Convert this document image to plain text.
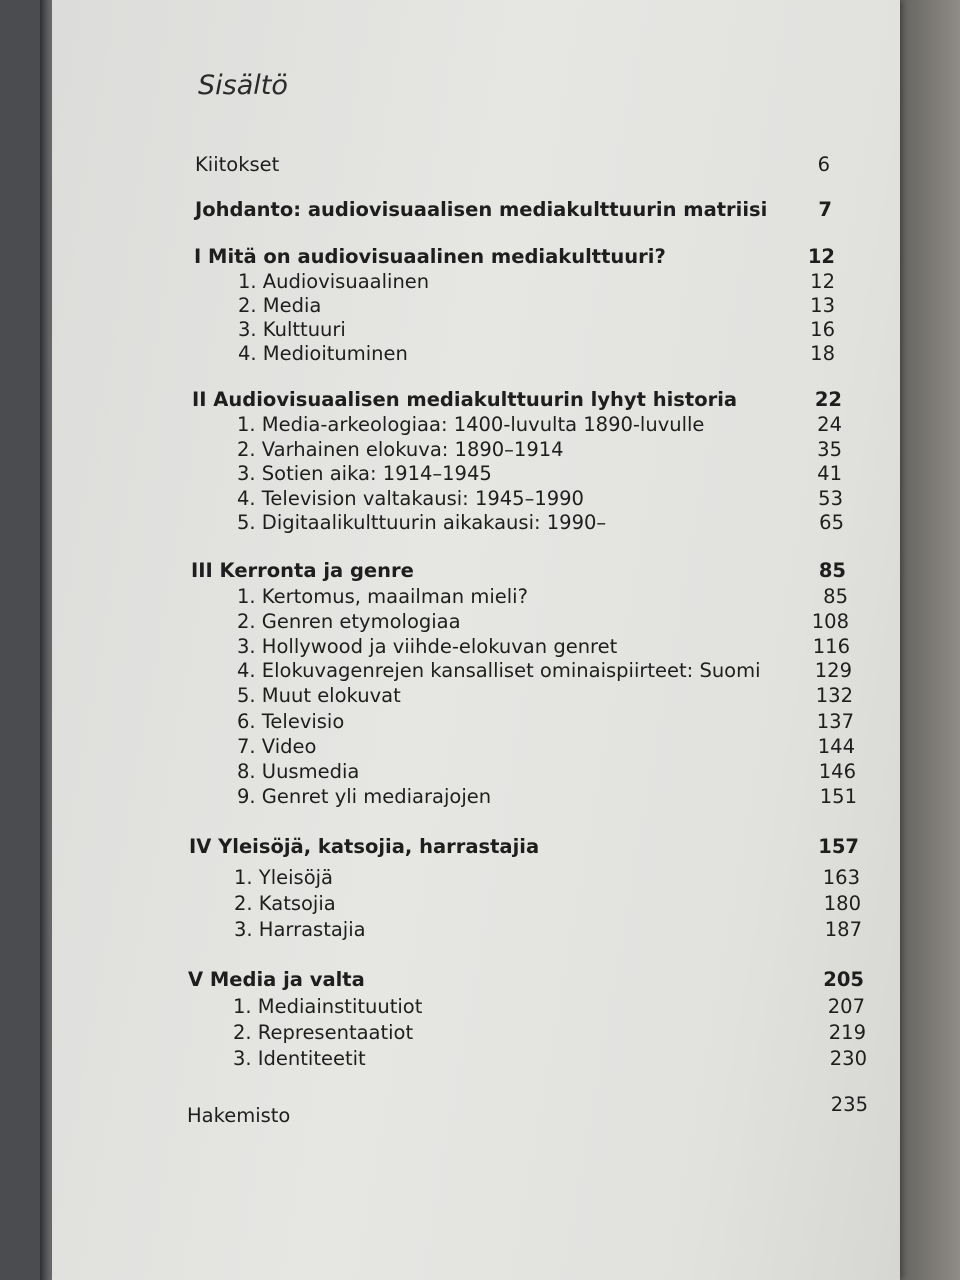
Sisältö
Kiitokset	6
Johdanto: audiovisuaalisen mediakulttuurin matriisi	7
I Mitä on audiovisuaalinen mediakulttuuri?	12
1. Audiovisuaalinen	12
2. Media	13
3. Kulttuuri	16
4. Medioituminen	18
II Audiovisuaalisen mediakulttuurin lyhyt historia	22
1. Media-arkeologiaa: 1400-luvulta 1890-luvulle	24
2. Varhainen elokuva: 1890–1914	35
3. Sotien aika: 1914–1945	41
4. Television valtakausi: 1945–1990	53
5. Digitaalikulttuurin aikakausi: 1990–	65
III Kerronta ja genre	85
1. Kertomus, maailman mieli?	85
2. Genren etymologiaa	108
3. Hollywood ja viihde-elokuvan genret	116
4. Elokuvagenrejen kansalliset ominaispiirteet: Suomi	129
5. Muut elokuvat	132
6. Televisio	137
7. Video	144
8. Uusmedia	146
9. Genret yli mediarajojen	151
IV Yleisöjä, katsojia, harrastajia	157
1. Yleisöjä	163
2. Katsojia	180
3. Harrastajia	187
V Media ja valta	205
1. Mediainstituutiot	207
2. Representaatiot	219
3. Identiteetit	230
Hakemisto	235
